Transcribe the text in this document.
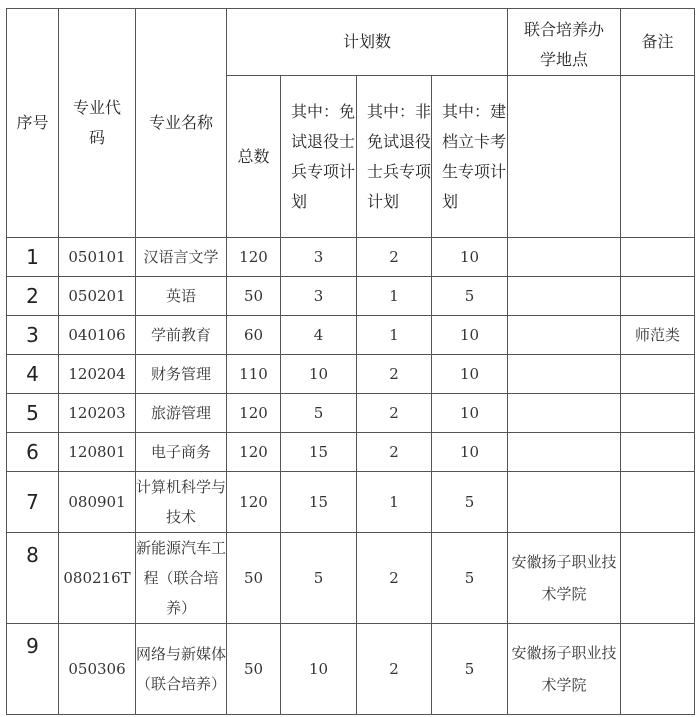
序号	专业代码	专业名称	计划数				联合培养办学地点	备注
			总数	其中：免试退役士兵专项计划	其中：非免试退役士兵专项计划	其中：建档立卡考生专项计划		
1	050101	汉语言文学	120	3	2	10		
2	050201	英语	50	3	1	5		
3	040106	学前教育	60	4	1	10		师范类
4	120204	财务管理	110	10	2	10		
5	120203	旅游管理	120	5	2	10		
6	120801	电子商务	120	15	2	10		
7	080901	计算机科学与技术	120	15	1	5		
8	080216T	新能源汽车工程（联合培养）	50	5	2	5	安徽扬子职业技术学院	
9	050306	网络与新媒体（联合培养）	50	10	2	5	安徽扬子职业技术学院	
